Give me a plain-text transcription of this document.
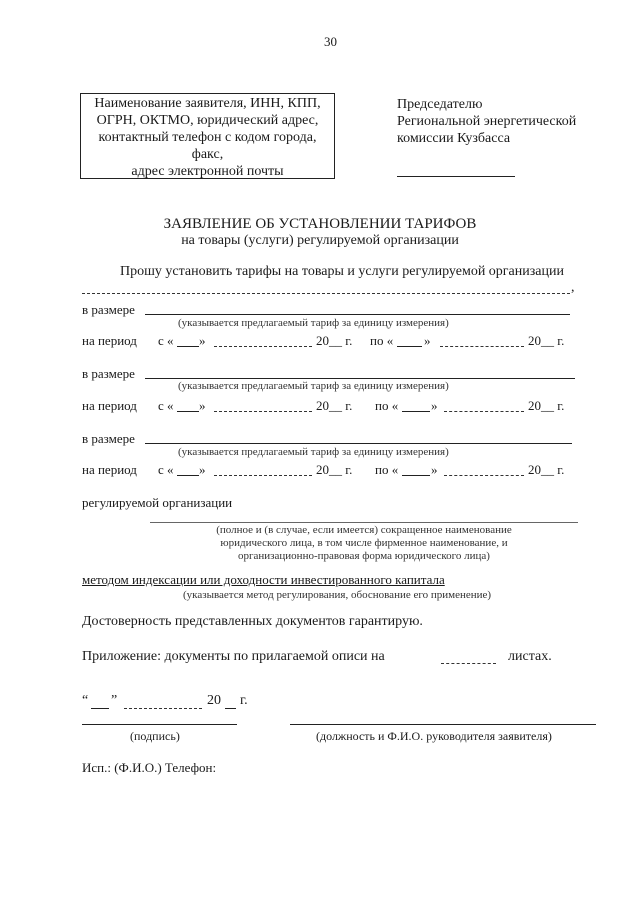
30
Наименование заявителя, ИНН, КПП,
ОГРН, ОКТМО, юридический адрес,
контактный телефон с кодом города,
факс,
адрес электронной почты
Председателю
Региональной энергетической
комиссии Кузбасса
ЗАЯВЛЕНИЕ ОБ УСТАНОВЛЕНИИ ТАРИФОВ
на товары (услуги) регулируемой организации
Прошу установить тарифы на товары и услуги регулируемой организации
,
в размере
(указывается предлагаемый тариф за единицу измерения)
на период с « »	20__ г. по « »	20__ г.
в размере
(указывается предлагаемый тариф за единицу измерения)
на период с « »	20__ г. по «	»	20__ г.
в размере
(указывается предлагаемый тариф за единицу измерения)
на период с « »	20__ г. по «	»	20__ г.
регулируемой организации
(полное и (в случае, если имеется) сокращенное наименование
юридического лица, в том числе фирменное наименование, и
организационно-правовая форма юридического лица)
методом индексации или доходности инвестированного капитала
(указывается метод регулирования, обоснование его применение)
Достоверность представленных документов гарантирую.
Приложение: документы по прилагаемой описи на	листах.
“ ”	20 г.
(подпись)	(должность и Ф.И.О. руководителя заявителя)
Исп.: (Ф.И.О.) Телефон:
